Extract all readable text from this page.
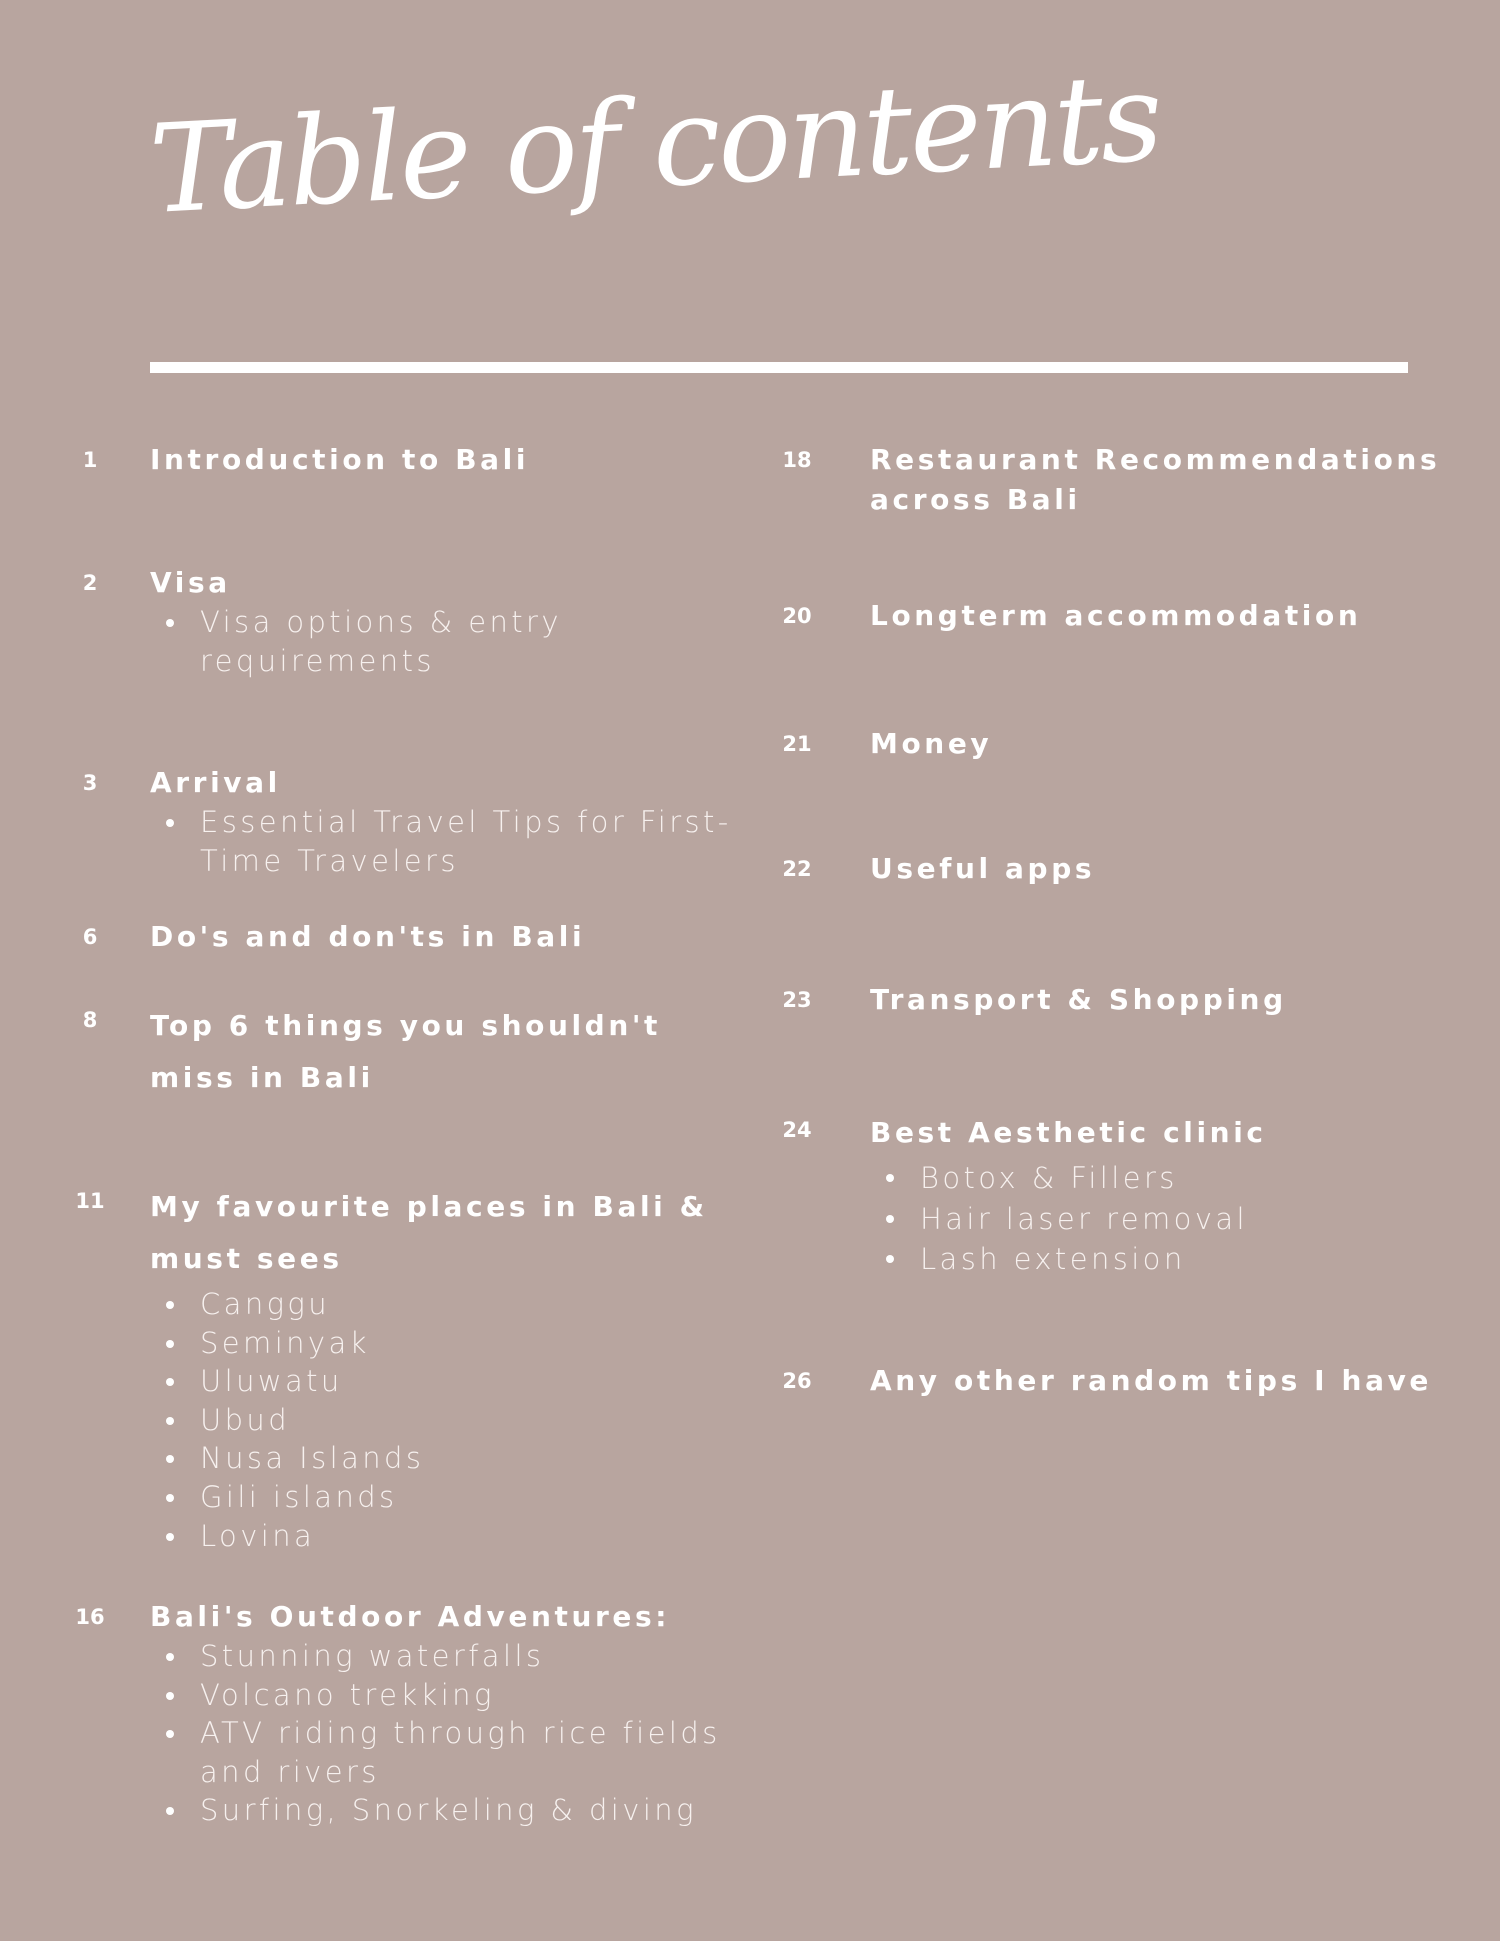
Table of contents
1	Introduction to Bali
2	Visa
Visa options & entry
requirements
3	Arrival
Essential Travel Tips for First-
Time Travelers
6	Do's and don'ts in Bali
8	Top 6 things you shouldn't
miss in Bali
11	My favourite places in Bali &
must sees
Canggu
Seminyak
Uluwatu
Ubud
Nusa Islands
Gili islands
Lovina
16	Bali's Outdoor Adventures:
Stunning waterfalls
Volcano trekking
ATV riding through rice fields
and rivers
Surfing, Snorkeling & diving
18	Restaurant Recommendations
across Bali
20	Longterm accommodation
21	Money
22	Useful apps
23	Transport & Shopping
24	Best Aesthetic clinic
Botox & Fillers
Hair laser removal
Lash extension
26	Any other random tips I have
